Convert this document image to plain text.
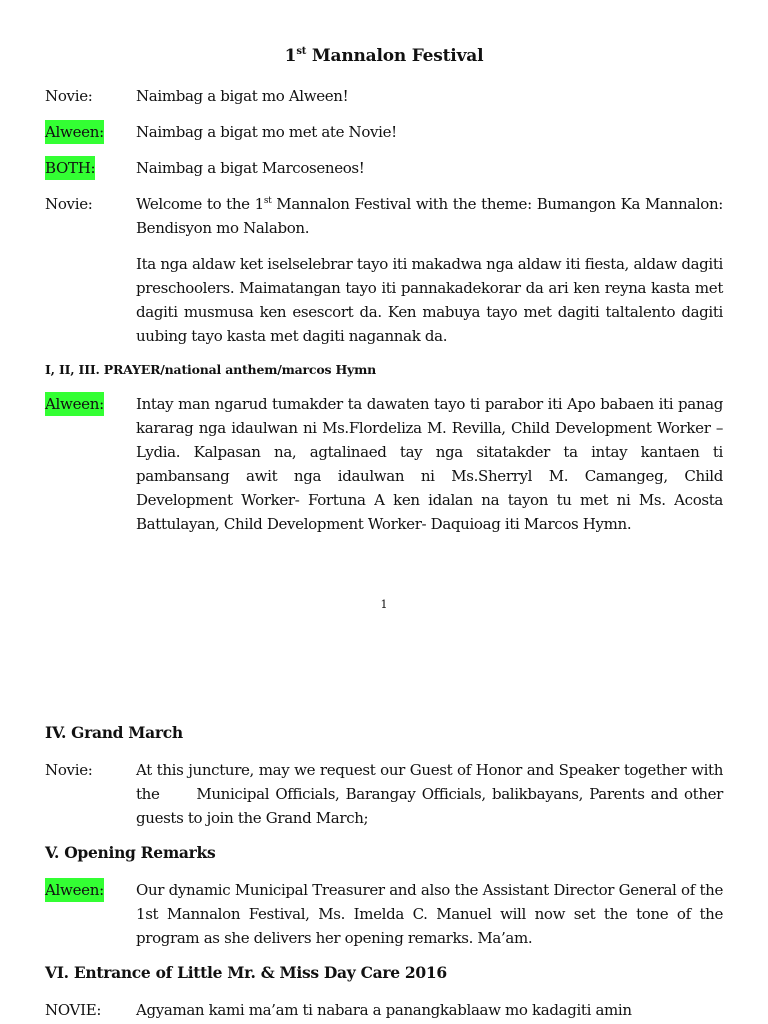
1st Mannalon Festival
Novie:	Naimbag a bigat mo Alween!
Alween: Naimbag a bigat mo met ate Novie!
BOTH:	Naimbag a bigat Marcoseneos!
Novie:	Welcome to the 1st Mannalon Festival with the theme: Bumangon Ka Mannalon: Bendisyon mo Nalabon.
Ita nga aldaw ket iselselebrar tayo iti makadwa nga aldaw iti fiesta, aldaw dagiti preschoolers. Maimatangan tayo iti pannakadekorar da ari ken reyna kasta met dagiti musmusa ken esescort da. Ken mabuya tayo met dagiti taltalento dagiti uubing tayo kasta met dagiti nagannak da.
I, II, III. PRAYER/national anthem/marcos Hymn
Alween: Intay man ngarud tumakder ta dawaten tayo ti parabor iti Apo babaen iti panag kararag nga idaulwan ni Ms.Flordeliza M. Revilla, Child Development Worker – Lydia. Kalpasan na, agtalinaed tay nga sitatakder ta intay kantaen ti pambansang awit nga idaulwan ni Ms.Sherryl M. Camangeg, Child Development Worker- Fortuna A ken idalan na tayon tu met ni Ms. Acosta Battulayan, Child Development Worker- Daquioag iti Marcos Hymn.
1
IV. Grand March
Novie:	At this juncture, may we request our Guest of Honor and Speaker together with the      Municipal Officials, Barangay Officials, balikbayans, Parents and other guests to join the Grand March;
V. Opening Remarks
Alween: Our dynamic Municipal Treasurer and also the Assistant Director General of the 1st Mannalon Festival, Ms. Imelda C. Manuel will now set the tone of the program as she delivers her opening remarks. Ma’am.
VI. Entrance of Little Mr. & Miss Day Care 2016
NOVIE: Agyaman kami ma’am ti nabara a panangkablaaw mo kadagiti amin
